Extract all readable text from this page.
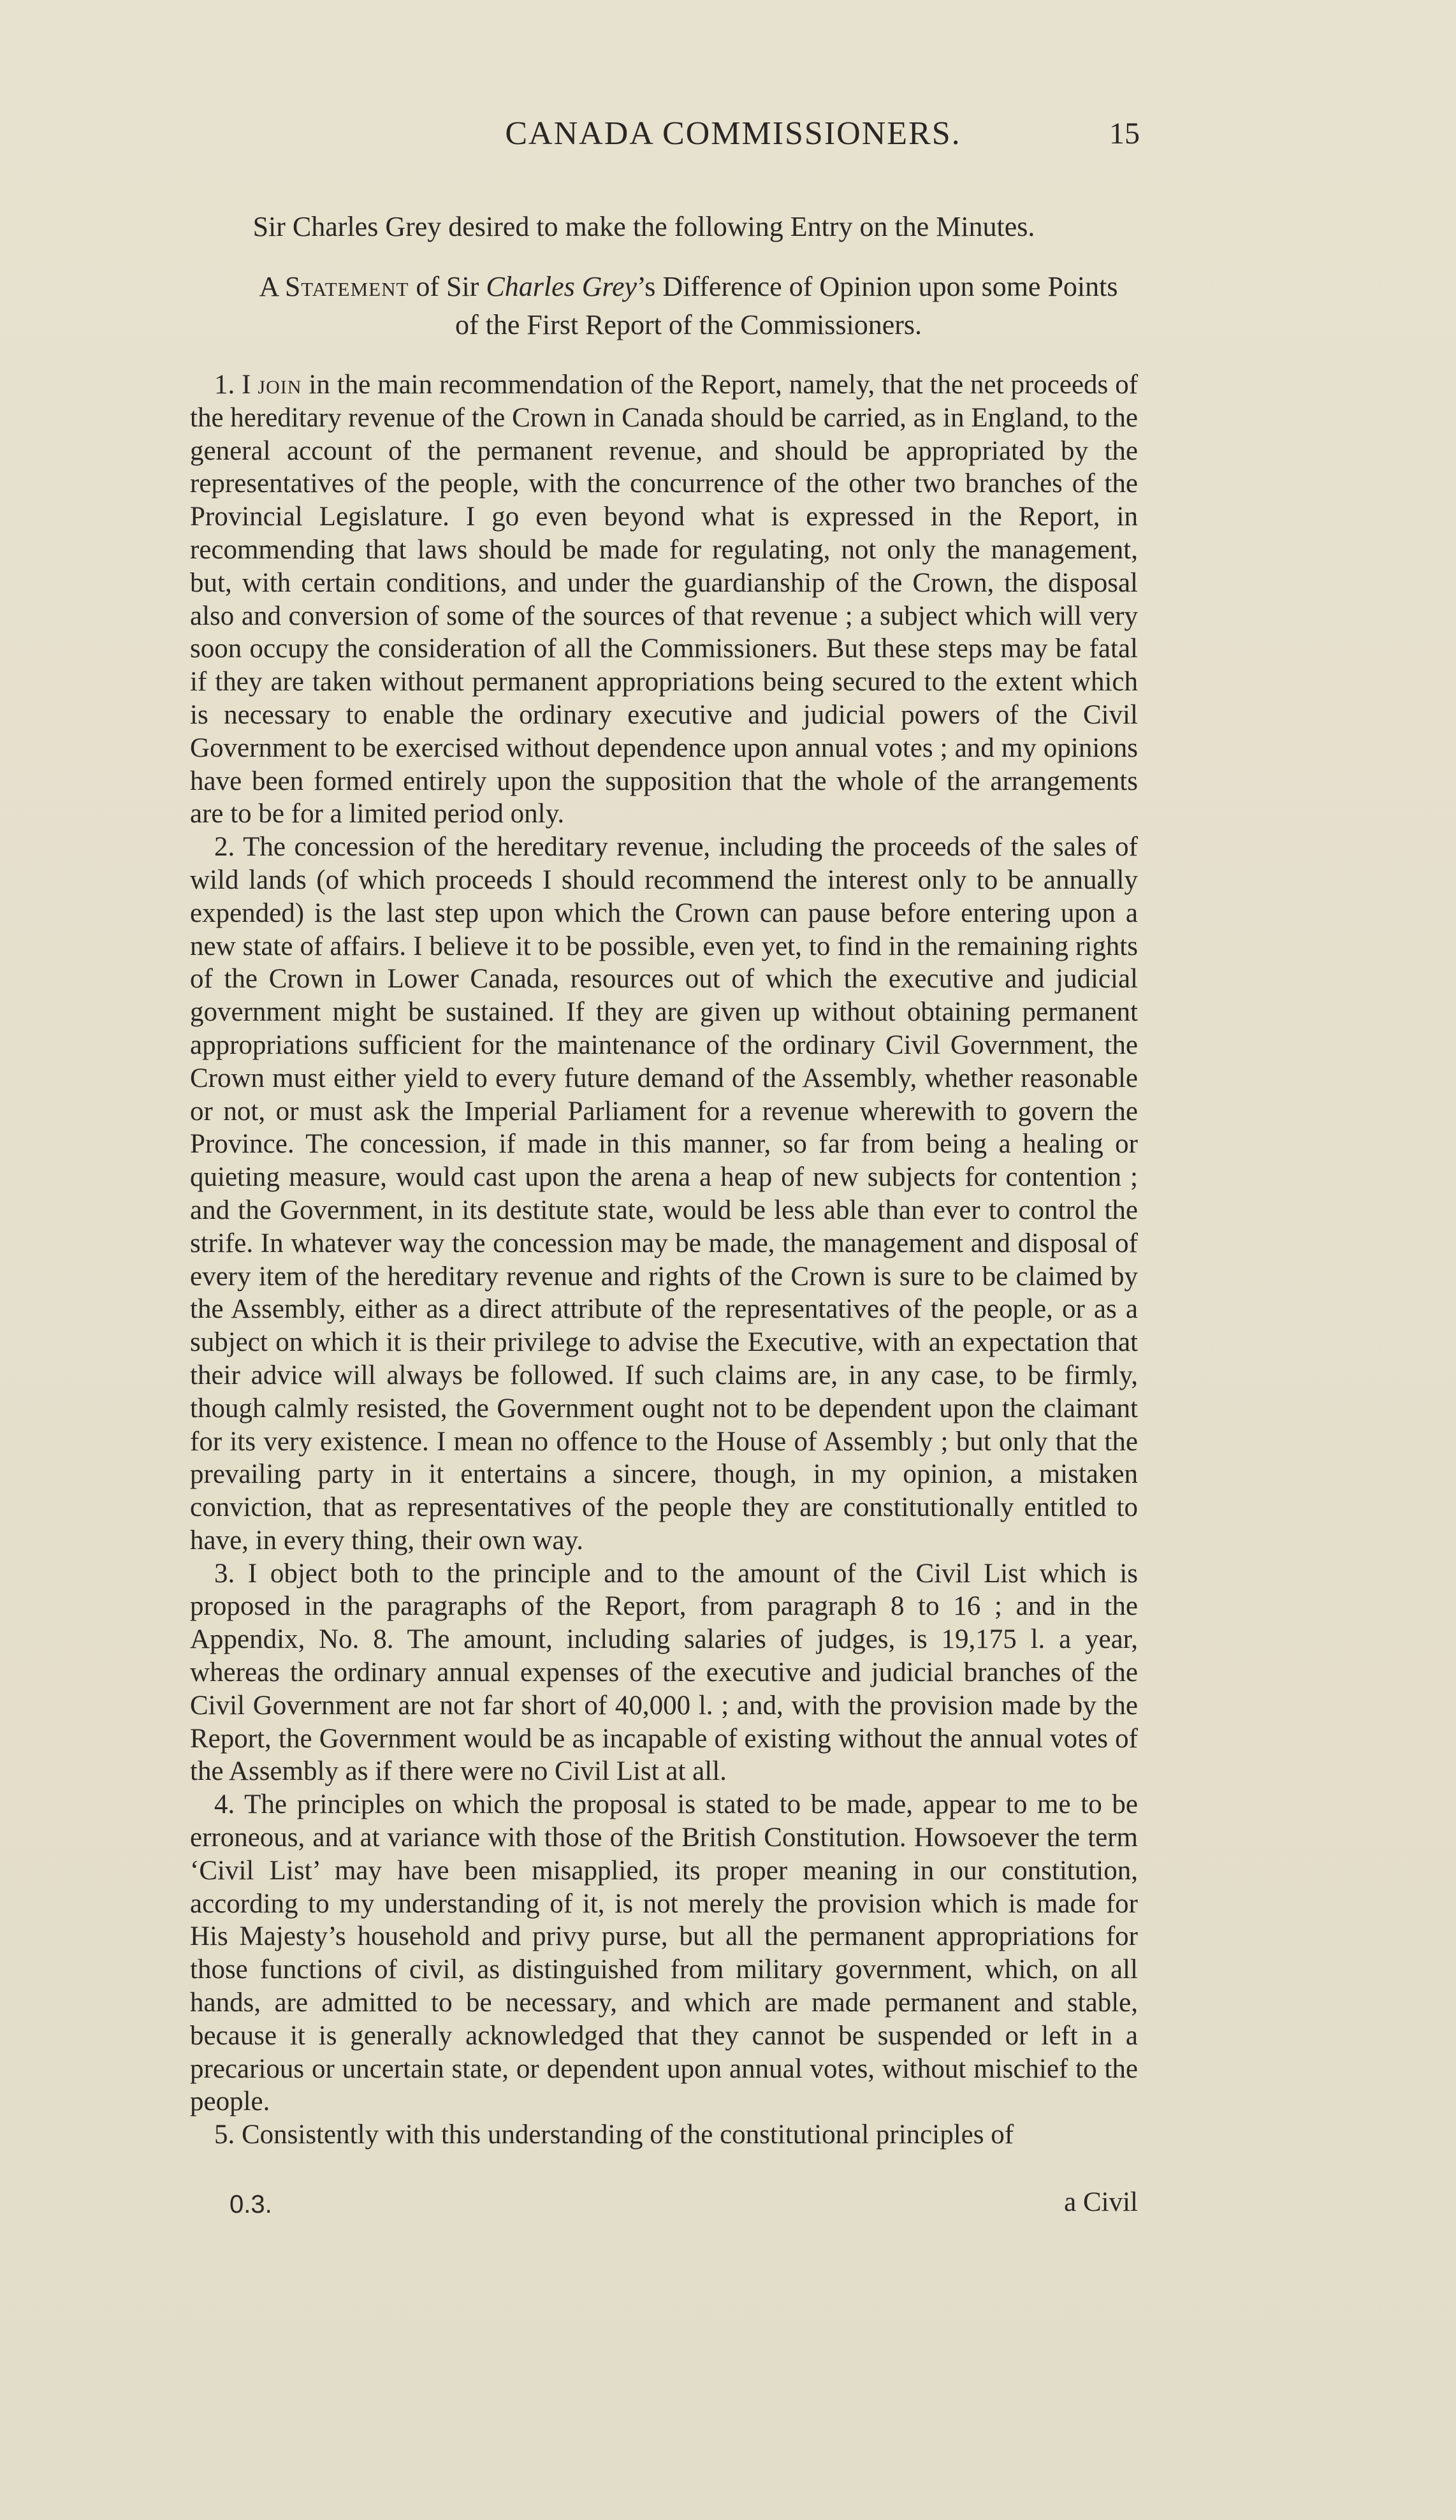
CANADA COMMISSIONERS.	15
Sir Charles Grey desired to make the following Entry on the Minutes.
A Statement of Sir Charles Grey’s Difference of Opinion upon some Points
of the First Report of the Commissioners.

1. I join in the main recommendation of the Report, namely, that the net proceeds of the hereditary revenue of the Crown in Canada should be carried, as in England, to the general account of the permanent revenue, and should be appropriated by the representatives of the people, with the concurrence of the other two branches of the Provincial Legislature. I go even beyond what is expressed in the Report, in recommending that laws should be made for regulating, not only the management, but, with certain conditions, and under the guardianship of the Crown, the disposal also and conversion of some of the sources of that revenue ; a subject which will very soon occupy the consideration of all the Commissioners. But these steps may be fatal if they are taken without permanent appropriations being secured to the extent which is necessary to enable the ordinary executive and judicial powers of the Civil Government to be exercised without dependence upon annual votes ; and my opinions have been formed entirely upon the supposition that the whole of the arrangements are to be for a limited period only.

2. The concession of the hereditary revenue, including the proceeds of the sales of wild lands (of which proceeds I should recommend the interest only to be annually expended) is the last step upon which the Crown can pause before entering upon a new state of affairs. I believe it to be possible, even yet, to find in the remaining rights of the Crown in Lower Canada, resources out of which the executive and judicial government might be sustained. If they are given up without obtaining permanent appropriations sufficient for the maintenance of the ordinary Civil Government, the Crown must either yield to every future demand of the Assembly, whether reasonable or not, or must ask the Imperial Parliament for a revenue wherewith to govern the Province. The concession, if made in this manner, so far from being a healing or quieting measure, would cast upon the arena a heap of new subjects for contention ; and the Government, in its destitute state, would be less able than ever to control the strife. In whatever way the concession may be made, the management and disposal of every item of the hereditary revenue and rights of the Crown is sure to be claimed by the Assembly, either as a direct attribute of the representatives of the people, or as a subject on which it is their privilege to advise the Executive, with an expectation that their advice will always be followed. If such claims are, in any case, to be firmly, though calmly resisted, the Government ought not to be dependent upon the claimant for its very existence. I mean no offence to the House of Assembly ; but only that the prevailing party in it entertains a sincere, though, in my opinion, a mistaken conviction, that as representatives of the people they are constitutionally entitled to have, in every thing, their own way.

3. I object both to the principle and to the amount of the Civil List which is proposed in the paragraphs of the Report, from paragraph 8 to 16 ; and in the Appendix, No. 8. The amount, including salaries of judges, is 19,175 l. a year, whereas the ordinary annual expenses of the executive and judicial branches of the Civil Government are not far short of 40,000 l. ; and, with the provision made by the Report, the Government would be as incapable of existing without the annual votes of the Assembly as if there were no Civil List at all.

4. The principles on which the proposal is stated to be made, appear to me to be erroneous, and at variance with those of the British Constitution. Howsoever the term ‘Civil List’ may have been misapplied, its proper meaning in our constitution, according to my understanding of it, is not merely the provision which is made for His Majesty’s household and privy purse, but all the permanent appropriations for those functions of civil, as distinguished from military government, which, on all hands, are admitted to be necessary, and which are made permanent and stable, because it is generally acknowledged that they cannot be suspended or left in a precarious or uncertain state, or dependent upon annual votes, without mischief to the people.

5. Consistently with this understanding of the constitutional principles of

0.3.	a Civil
